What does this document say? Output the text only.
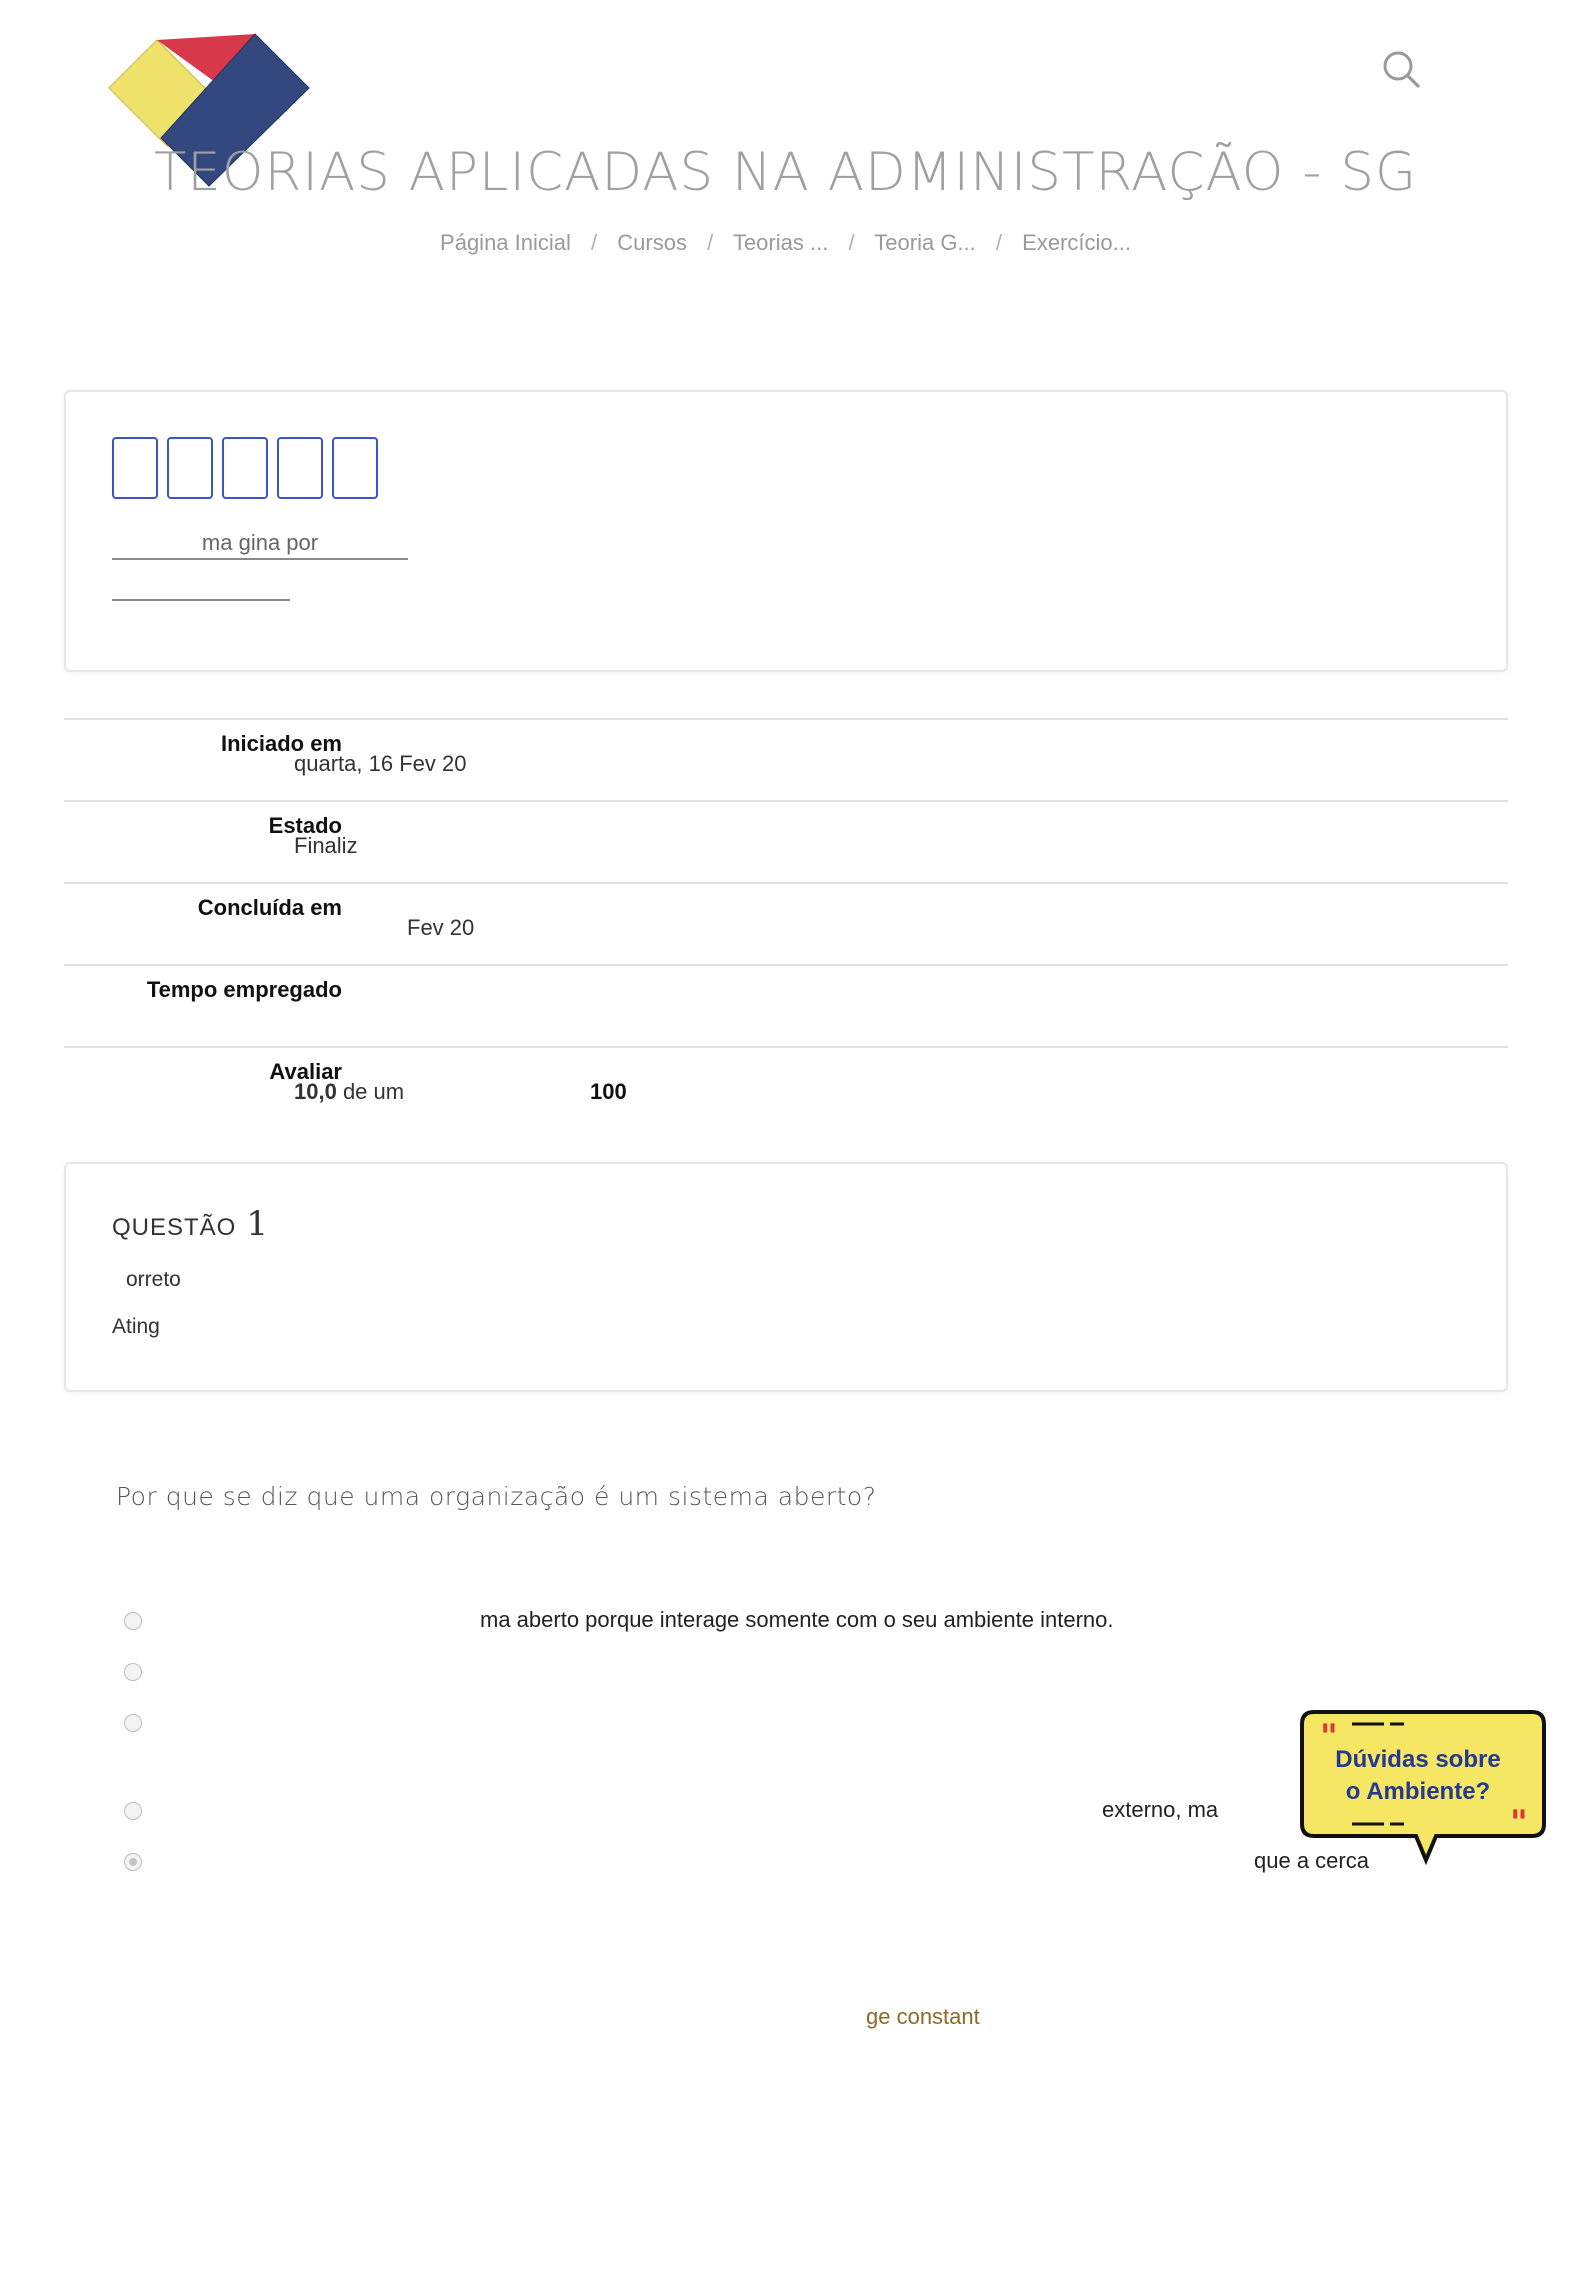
TEORIAS APLICADAS NA ADMINISTRAÇÃO - SG
Página Inicial / Cursos / Teorias ... / Teoria G... / Exercício...
ma gina por
Iniciado em
quarta, 16 Fev 20
Estado
Finaliz
Concluída em
Fev 20
Tempo empregado
Avaliar
10,0 de um	100
QUESTÃO 1
orreto
Ating
Por que se diz que uma organização é um sistema aberto?
ma aberto porque interage somente com o seu ambiente interno.
externo, ma
que a cerca
ge constant
"
"
Dúvidas sobre
o Ambiente?
